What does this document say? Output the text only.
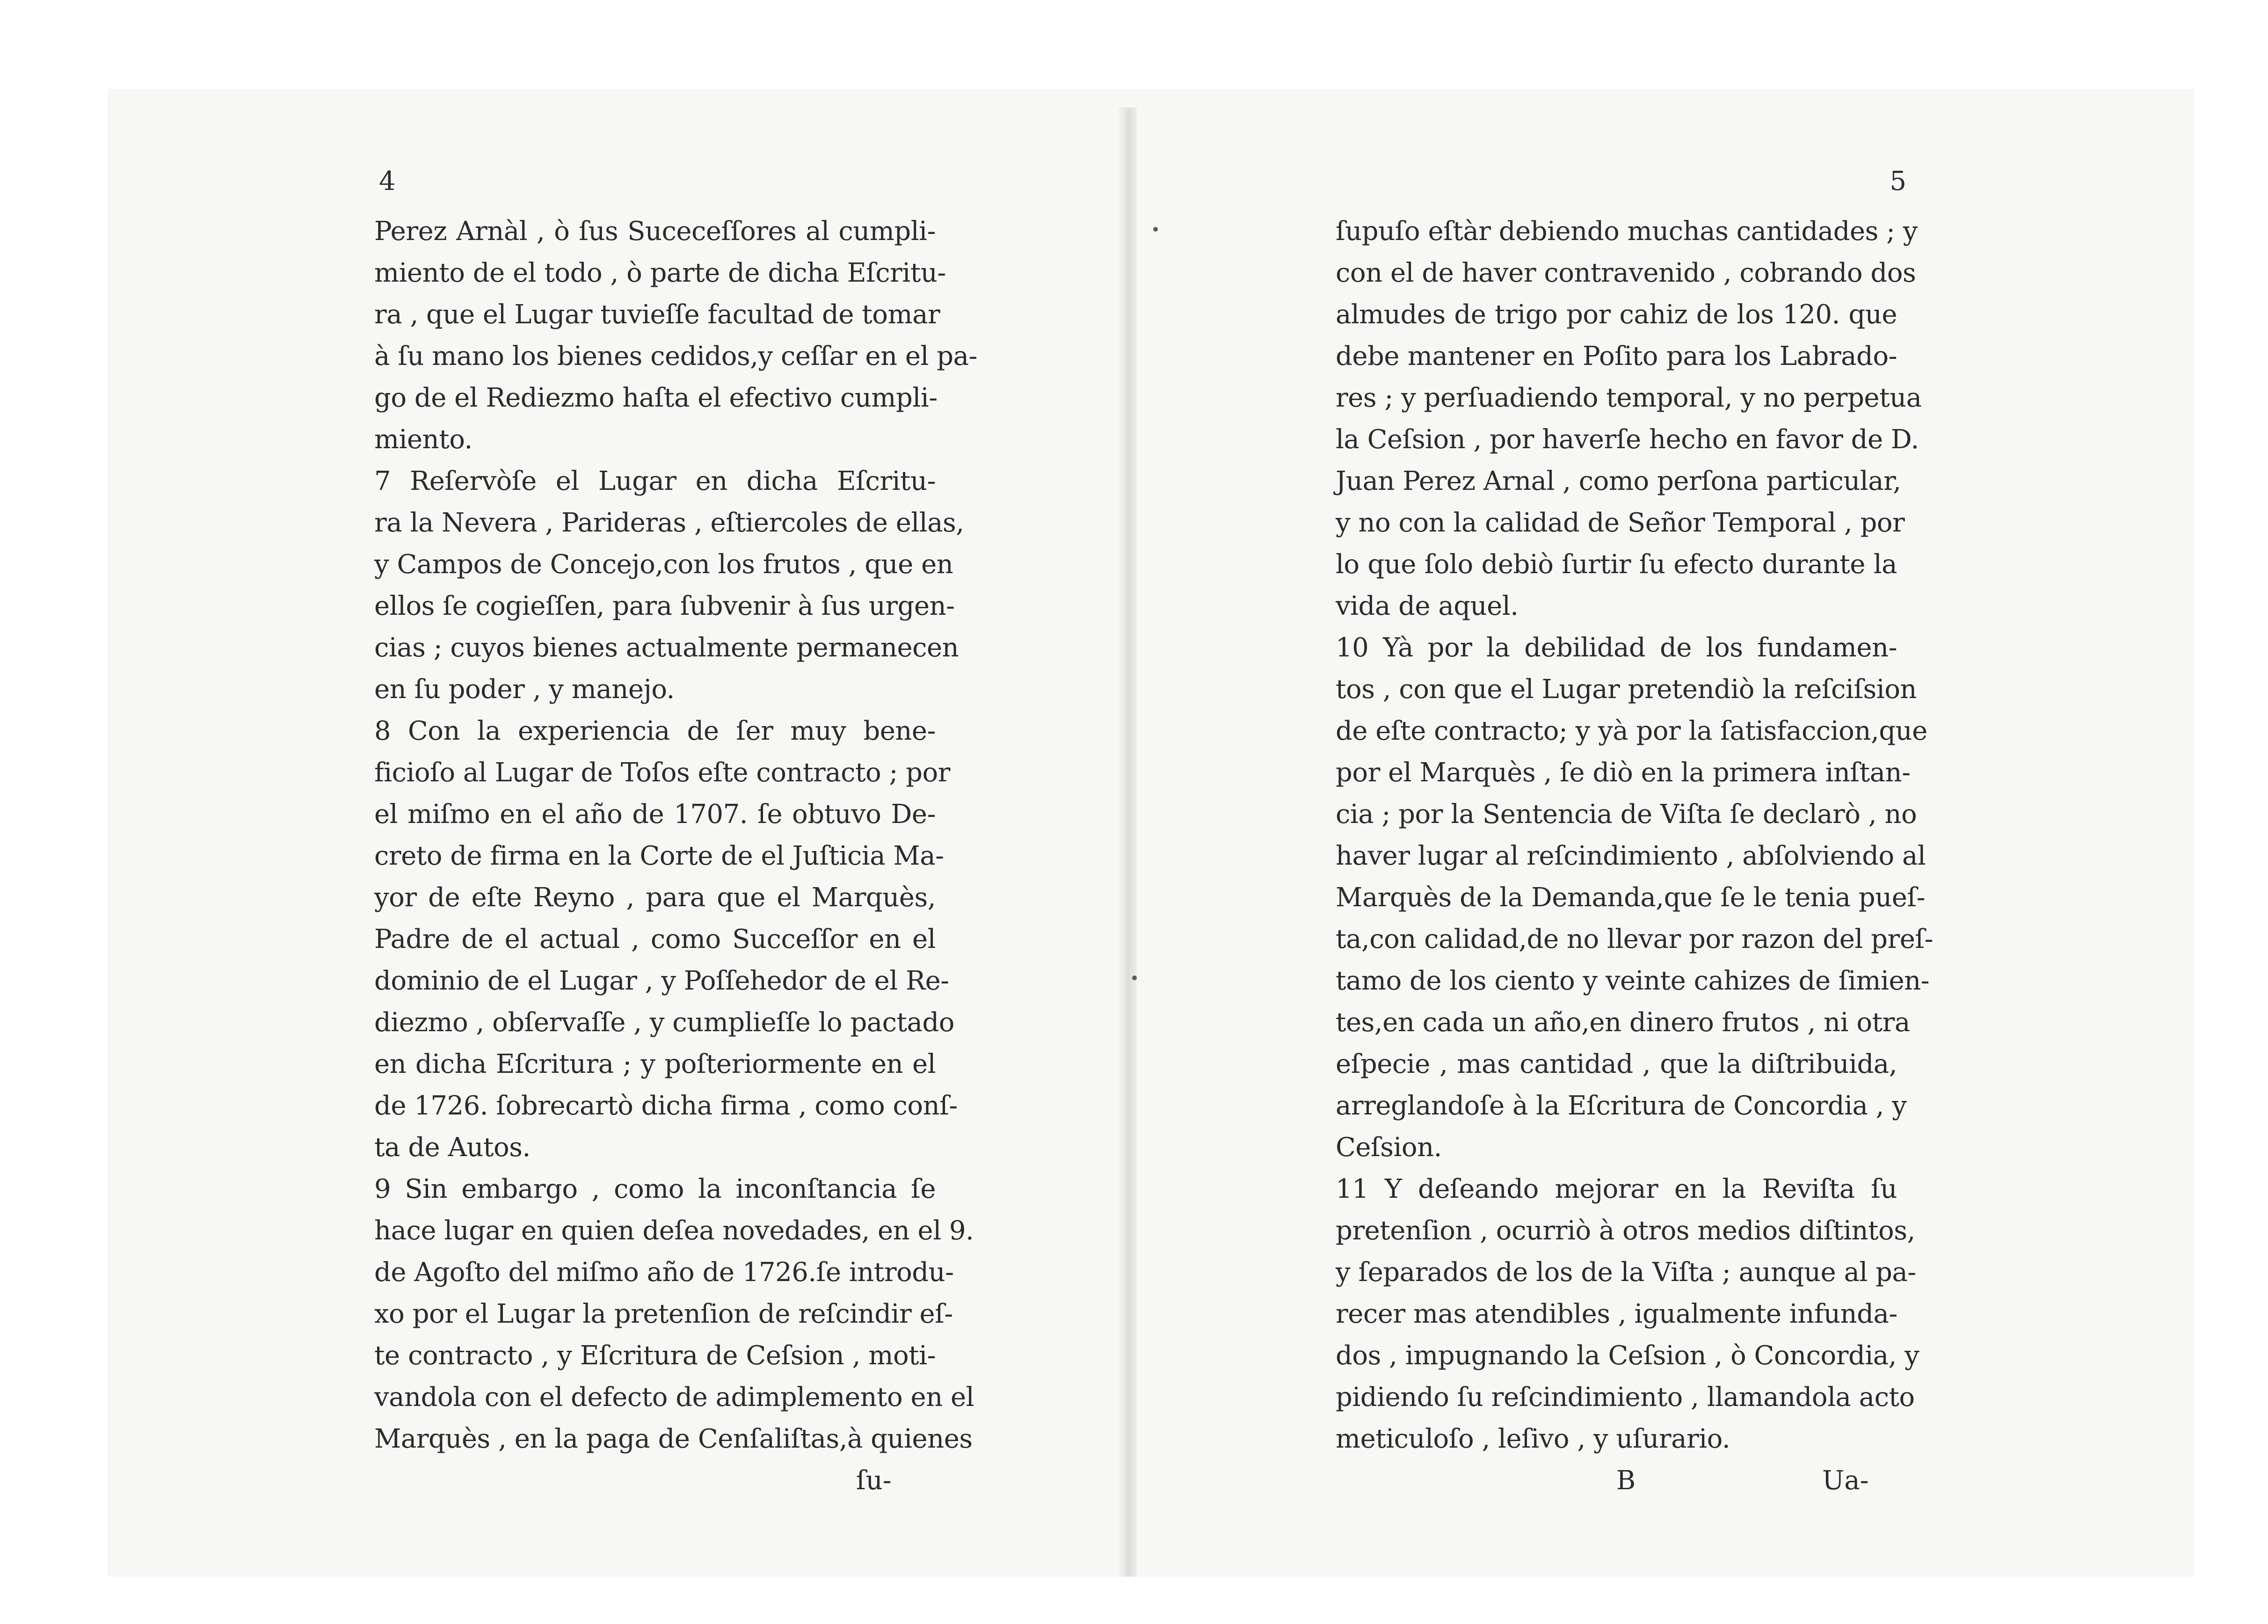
4
Perez Arnàl , ò ſus Suceceſſores al cumpli-
miento de el todo , ò parte de dicha Eſcritu-
ra , que el Lugar tuvieſſe facultad de tomar
à ſu mano los bienes cedidos,y ceſſar en el pa-
go de el Rediezmo haſta el efectivo cumpli-
miento.
7 Reſervòſe el Lugar en dicha Eſcritu-
ra la Nevera , Parideras , eſtiercoles de ellas,
y Campos de Concejo,con los frutos , que en
ellos ſe cogieſſen, para ſubvenir à ſus urgen-
cias ; cuyos bienes actualmente permanecen
en ſu poder , y manejo.
8 Con la experiencia de ſer muy bene-
ficioſo al Lugar de Toſos eſte contracto ; por
el miſmo en el año de 1707. ſe obtuvo De-
creto de firma en la Corte de el Juſticia Ma-
yor de eſte Reyno , para que el Marquès,
Padre de el actual , como Succeſſor en el
dominio de el Lugar , y Poſſehedor de el Re-
diezmo , obſervaſſe , y cumplieſſe lo pactado
en dicha Eſcritura ; y poſteriormente en el
de 1726. ſobrecartò dicha firma , como conſ-
ta de Autos.
9 Sin embargo , como la inconſtancia ſe
hace lugar en quien deſea novedades, en el 9.
de Agoſto del miſmo año de 1726.ſe introdu-
xo por el Lugar la pretenſion de reſcindir eſ-
te contracto , y Eſcritura de Ceſsion , moti-
vandola con el defecto de adimplemento en el
Marquès , en la paga de Cenſaliſtas,à quienes
ſu-
5
ſupuſo eſtàr debiendo muchas cantidades ; y
con el de haver contravenido , cobrando dos
almudes de trigo por cahiz de los 120. que
debe mantener en Poſito para los Labrado-
res ; y perſuadiendo temporal, y no perpetua
la Ceſsion , por haverſe hecho en favor de D.
Juan Perez Arnal , como perſona particular,
y no con la calidad de Señor Temporal , por
lo que ſolo debiò ſurtir ſu efecto durante la
vida de aquel.
10 Yà por la debilidad de los fundamen-
tos , con que el Lugar pretendiò la reſciſsion
de eſte contracto; y yà por la ſatisfaccion,que
por el Marquès , ſe diò en la primera inſtan-
cia ; por la Sentencia de Viſta ſe declarò , no
haver lugar al reſcindimiento , abſolviendo al
Marquès de la Demanda,que ſe le tenia pueſ-
ta,con calidad,de no llevar por razon del preſ-
tamo de los ciento y veinte cahizes de ſimien-
tes,en cada un año,en dinero frutos , ni otra
eſpecie , mas cantidad , que la diſtribuida,
arreglandoſe à la Eſcritura de Concordia , y
Ceſsion.
11 Y deſeando mejorar en la Reviſta ſu
pretenſion , ocurriò à otros medios diſtintos,
y ſeparados de los de la Viſta ; aunque al pa-
recer mas atendibles , igualmente infunda-
dos , impugnando la Ceſsion , ò Concordia, y
pidiendo ſu reſcindimiento , llamandola acto
meticuloſo , leſivo , y uſurario.
B	Ua-
